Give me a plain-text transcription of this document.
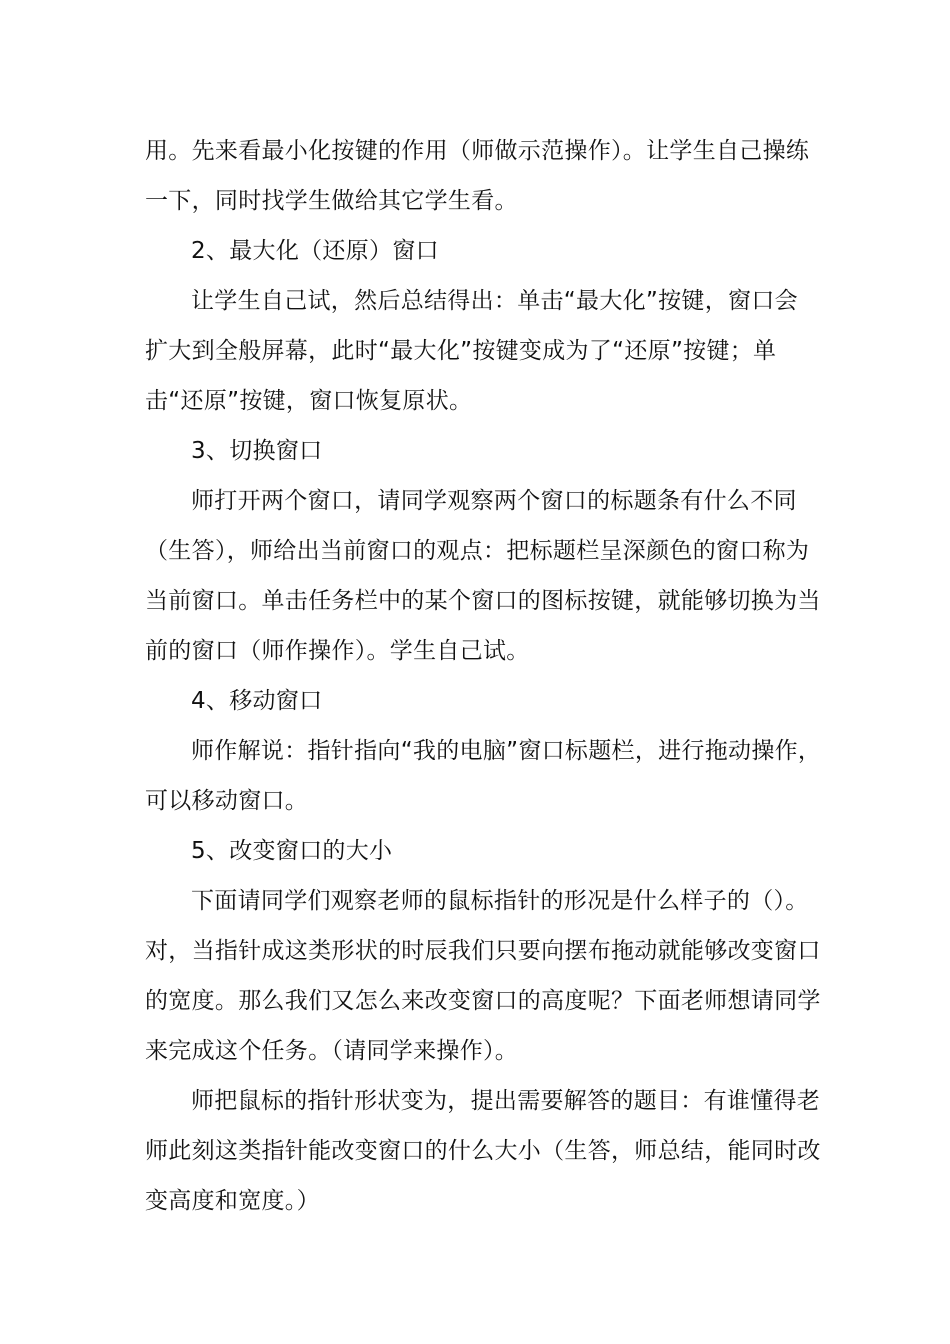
用。先来看最小化按键的作用（师做示范操作）。让学生自己操练
一下，同时找学生做给其它学生看。
2、最大化（还原）窗口
让学生自己试，然后总结得出：单击“最大化”按键，窗口会
扩大到全般屏幕，此时“最大化”按键变成为了“还原”按键；单
击“还原”按键，窗口恢复原状。
3、切换窗口
师打开两个窗口，请同学观察两个窗口的标题条有什么不同
（生答），师给出当前窗口的观点：把标题栏呈深颜色的窗口称为
当前窗口。单击任务栏中的某个窗口的图标按键，就能够切换为当
前的窗口（师作操作）。学生自己试。
4、移动窗口
师作解说：指针指向“我的电脑”窗口标题栏，进行拖动操作，
可以移动窗口。
5、改变窗口的大小
下面请同学们观察老师的鼠标指针的形况是什么样子的（）。
对，当指针成这类形状的时辰我们只要向摆布拖动就能够改变窗口
的宽度。那么我们又怎么来改变窗口的高度呢？下面老师想请同学
来完成这个任务。（请同学来操作）。
师把鼠标的指针形状变为，提出需要解答的题目：有谁懂得老
师此刻这类指针能改变窗口的什么大小（生答，师总结，能同时改
变高度和宽度。）
